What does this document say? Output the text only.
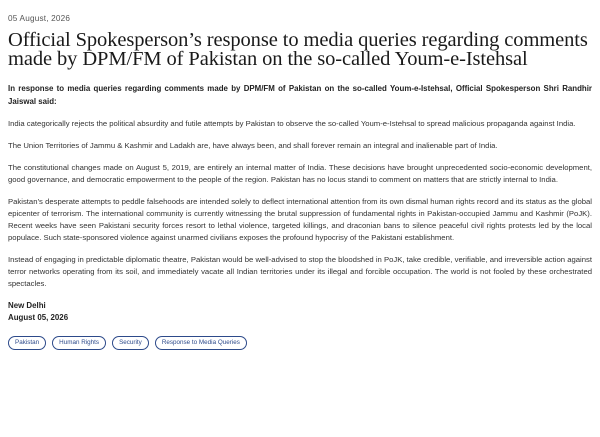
05 August, 2026
Official Spokesperson’s response to media queries regarding comments made by DPM/FM of Pakistan on the so-called Youm-e-Istehsal

In response to media queries regarding comments made by DPM/FM of Pakistan on the so-called Youm-e-Istehsal, Official Spokesperson Shri Randhir Jaiswal said:

India categorically rejects the political absurdity and futile attempts by Pakistan to observe the so-called Youm-e-Istehsal to spread malicious propaganda against India.

The Union Territories of Jammu & Kashmir and Ladakh are, have always been, and shall forever remain an integral and inalienable part of India.

The constitutional changes made on August 5, 2019, are entirely an internal matter of India. These decisions have brought unprecedented socio-economic development, good governance, and democratic empowerment to the people of the region. Pakistan has no locus standi to comment on matters that are strictly internal to India.

Pakistan’s desperate attempts to peddle falsehoods are intended solely to deflect international attention from its own dismal human rights record and its status as the global epicenter of terrorism. The international community is currently witnessing the brutal suppression of fundamental rights in Pakistan-occupied Jammu and Kashmir (PoJK). Recent weeks have seen Pakistani security forces resort to lethal violence, targeted killings, and draconian bans to silence peaceful civil rights protests led by the local populace. Such state-sponsored violence against unarmed civilians exposes the profound hypocrisy of the Pakistani establishment.

Instead of engaging in predictable diplomatic theatre, Pakistan would be well-advised to stop the bloodshed in PoJK, take credible, verifiable, and irreversible action against terror networks operating from its soil, and immediately vacate all Indian territories under its illegal and forcible occupation. The world is not fooled by these orchestrated spectacles.

New Delhi

August 05, 2026

Pakistan	Human Rights	Security	Response to Media Queries
